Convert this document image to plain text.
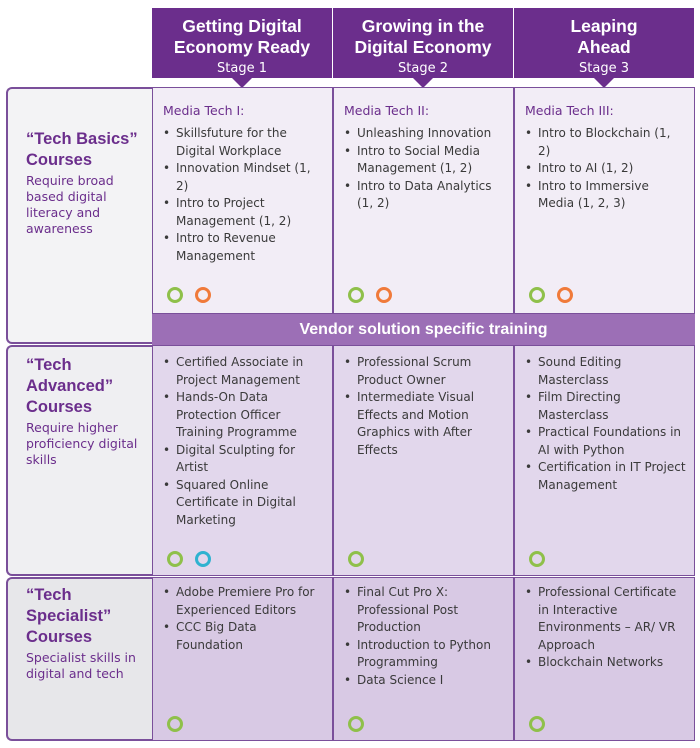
Getting Digital
Economy Ready
Stage 1
Growing in the
Digital Economy
Stage 2
Leaping
Ahead
Stage 3
“Tech Basics”
Courses
Require broad based digital literacy and awareness
“Tech
Advanced”
Courses
Require higher proficiency digital skills
“Tech
Specialist”
Courses
Specialist skills in digital and tech
Media Tech I:
• Skillsfuture for the Digital Workplace
• Innovation Mindset (1, 2)
• Intro to Project Management (1, 2)
• Intro to Revenue Management
Media Tech II:
• Unleashing Innovation
• Intro to Social Media Management (1, 2)
• Intro to Data Analytics (1, 2)
Media Tech III:
• Intro to Blockchain (1, 2)
• Intro to AI (1, 2)
• Intro to Immersive Media (1, 2, 3)
Vendor solution specific training
• Certified Associate in Project Management
• Hands-On Data Protection Officer Training Programme
• Digital Sculpting for Artist
• Squared Online Certificate in Digital Marketing
• Professional Scrum Product Owner
• Intermediate Visual Effects and Motion Graphics with After Effects
• Sound Editing Masterclass
• Film Directing Masterclass
• Practical Foundations in AI with Python
• Certification in IT Project Management
• Adobe Premiere Pro for Experienced Editors
• CCC Big Data Foundation
• Final Cut Pro X: Professional Post Production
• Introduction to Python Programming
• Data Science I
• Professional Certificate in Interactive Environments – AR/ VR Approach
• Blockchain Networks
